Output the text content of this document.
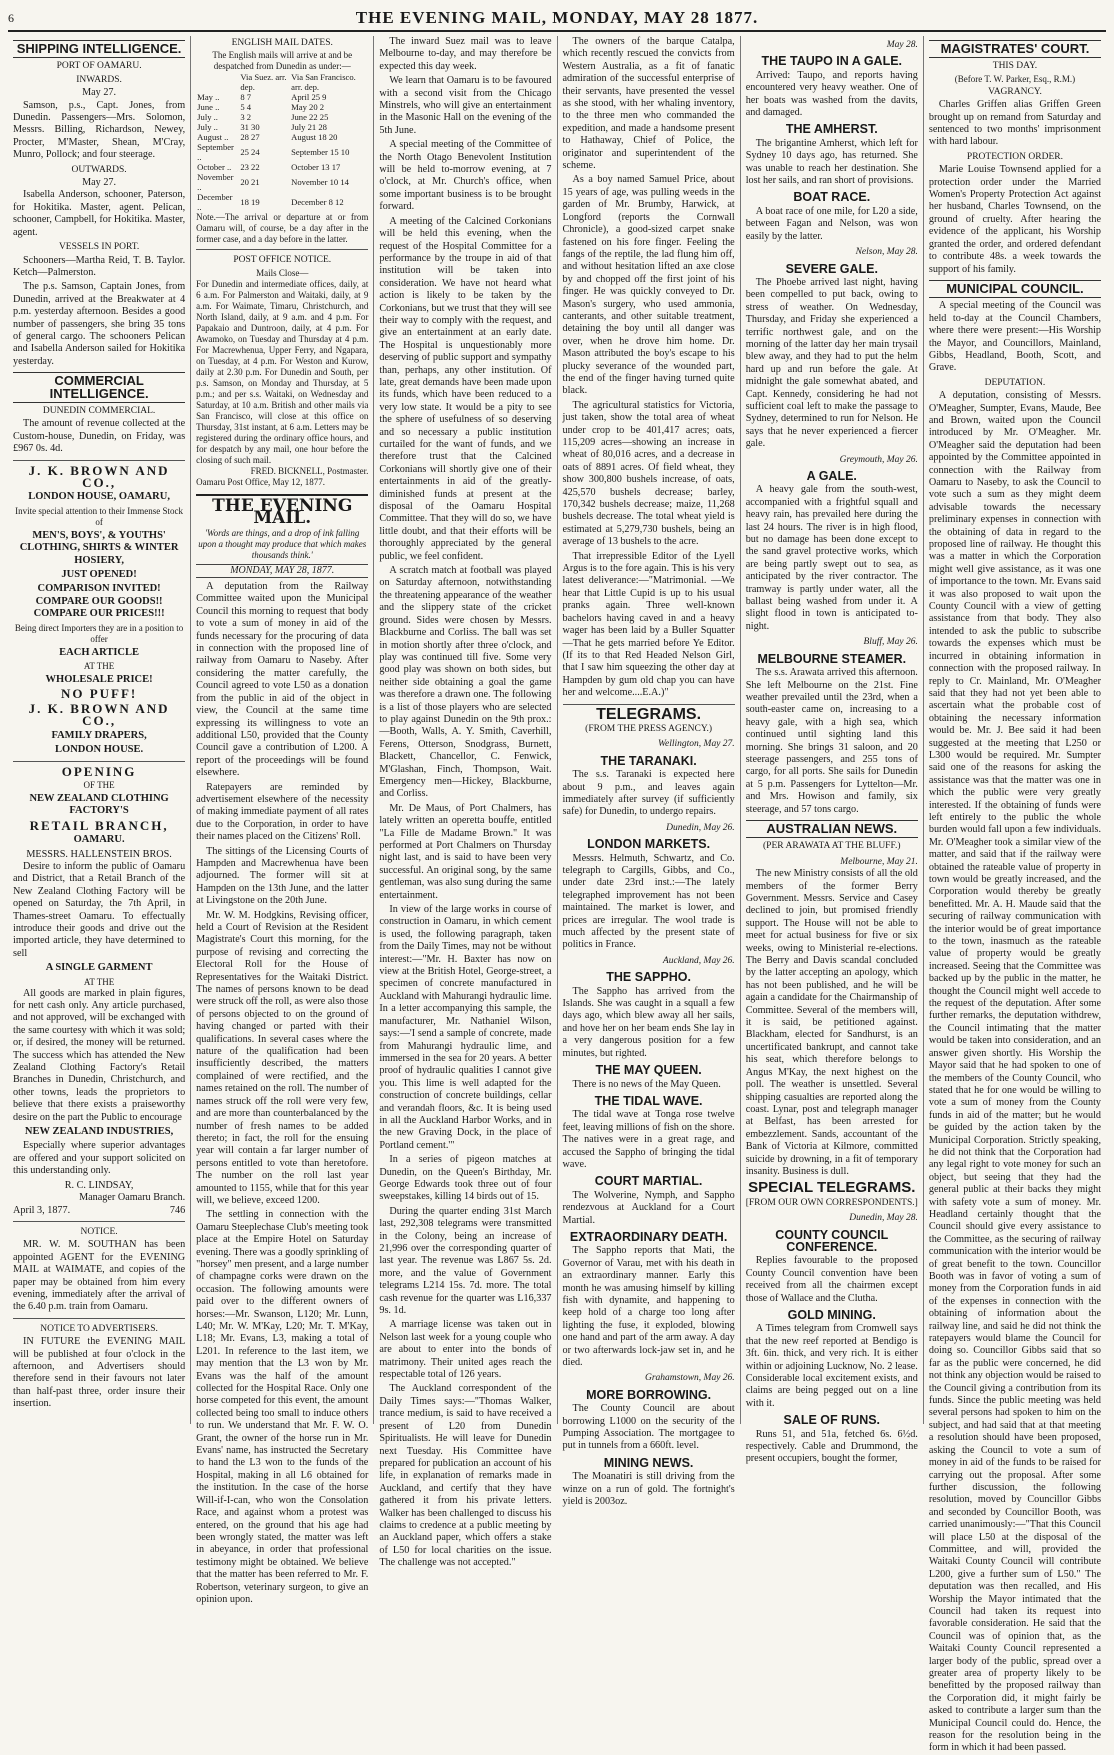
6	THE EVENING MAIL, MONDAY, MAY 28 1877.
SHIPPING INTELLIGENCE.
PORT OF OAMARU.
INWARDS.
May 27.

Samson, p.s., Capt. Jones, from Dunedin. Passengers—Mrs. Solomon, Messrs. Billing, Richardson, Newey, Procter, M'Master, Shean, M'Cray, Munro, Pollock; and four steerage.

OUTWARDS.
May 27.

Isabella Anderson, schooner, Paterson, for Hokitika. Master, agent. Pelican, schooner, Campbell, for Hokitika. Master, agent.

VESSELS IN PORT.

Schooners—Martha Reid, T. B. Taylor. Ketch—Palmerston.

The p.s. Samson, Captain Jones, from Dunedin, arrived at the Breakwater at 4 p.m. yesterday afternoon. Besides a good number of passengers, she bring 35 tons of general cargo. The schooners Pelican and Isabella Anderson sailed for Hokitika yesterday.

COMMERCIAL INTELLIGENCE.
DUNEDIN COMMERCIAL.

The amount of revenue collected at the Custom-house, Dunedin, on Friday, was £967 0s. 4d.

J. K. BROWN AND CO.,
LONDON HOUSE, OAMARU,
Invite special attention to their Immense Stock of
MEN'S, BOYS', & YOUTHS' CLOTHING, SHIRTS & WINTER HOSIERY,
JUST OPENED!
COMPARISON INVITED! COMPARE OUR GOODS!! COMPARE OUR PRICES!!!
Being direct Importers they are in a position to offer
EACH ARTICLE
AT THE
WHOLESALE PRICE!
NO PUFF!
J. K. BROWN AND CO.,
FAMILY DRAPERS,
LONDON HOUSE.
OPENING
OF THE
NEW ZEALAND CLOTHING FACTORY'S
RETAIL BRANCH,
OAMARU.
MESSRS. HALLENSTEIN BROS.

Desire to inform the public of Oamaru and District, that a Retail Branch of the New Zealand Clothing Factory will be opened on Saturday, the 7th April, in Thames-street Oamaru. To effectually introduce their goods and drive out the imported article, they have determined to sell

A SINGLE GARMENT
AT THE

All goods are marked in plain figures, for nett cash only. Any article purchased, and not approved, will be exchanged with the same courtesy with which it was sold; or, if desired, the money will be returned. The success which has attended the New Zealand Clothing Factory's Retail Branches in Dunedin, Christchurch, and other towns, leads the proprietors to believe that there exists a praiseworthy desire on the part the Public to encourage

NEW ZEALAND INDUSTRIES,

Especially where superior advantages are offered and your support solicited on this understanding only.

R. C. LINDSAY,
Manager Oamaru Branch.
April 3, 1877.	746
NOTICE.

MR. W. M. SOUTHAN has been appointed AGENT for the EVENING MAIL at WAIMATE, and copies of the paper may be obtained from him every evening, immediately after the arrival of the 6.40 p.m. train from Oamaru.

NOTICE TO ADVERTISERS.

IN FUTURE the EVENING MAIL will be published at four o'clock in the afternoon, and Advertisers should therefore send in their favours not later than half-past three, order insure their insertion.

ENGLISH MAIL DATES.
The English mails will arrive at and be despatched from Dunedin as under:—
	Via Suez. arr. dep.	Via San Francisco. arr. dep.
May ..	8 7	April 25 9
June ..	5 4	May 20 2
July ..	3 2	June 22 25
July ..	31 30	July 21 28
August ..	28 27	August 18 20
September ..	25 24	September 15 10
October ..	23 22	October 13 17
November ..	20 21	November 10 14
December ..	18 19	December 8 12
Note.—The arrival or departure at or from Oamaru will, of course, be a day after in the former case, and a day before in the latter.
POST OFFICE NOTICE.
Mails Close—
For Dunedin and intermediate offices, daily, at 6 a.m. For Palmerston and Waitaki, daily, at 9 a.m. For Waimate, Timaru, Christchurch, and North Island, daily, at 9 a.m. and 4 p.m. For Papakaio and Duntroon, daily, at 4 p.m. For Awamoko, on Tuesday and Thursday at 4 p.m. For Macrewhenua, Upper Ferry, and Ngapara, on Tuesday, at 4 p.m. For Weston and Kurow, daily at 2.30 p.m. For Dunedin and South, per p.s. Samson, on Monday and Thursday, at 5 p.m.; and per s.s. Waitaki, on Wednesday and Saturday, at 10 a.m. British and other mails via San Francisco, will close at this office on Thursday, 31st instant, at 6 a.m. Letters may be registered during the ordinary office hours, and for despatch by any mail, one hour before the closing of such mail.
FRED. BICKNELL, Postmaster.
Oamaru Post Office, May 12, 1877.
THE EVENING MAIL.
'Words are things, and a drop of ink falling upon a thought may produce that which makes thousands think.'
MONDAY, MAY 28, 1877.

A deputation from the Railway Committee waited upon the Municipal Council this morning to request that body to vote a sum of money in aid of the funds necessary for the procuring of data in connection with the proposed line of railway from Oamaru to Naseby. After considering the matter carefully, the Council agreed to vote L50 as a donation from the public in aid of the object in view, the Council at the same time expressing its willingness to vote an additional L50, provided that the County Council gave a contribution of L200. A report of the proceedings will be found elsewhere.

Ratepayers are reminded by advertisement elsewhere of the necessity of making immediate payment of all rates due to the Corporation, in order to have their names placed on the Citizens' Roll.

The sittings of the Licensing Courts of Hampden and Macrewhenua have been adjourned. The former will sit at Hampden on the 13th June, and the latter at Livingstone on the 20th June.

Mr. W. M. Hodgkins, Revising officer, held a Court of Revision at the Resident Magistrate's Court this morning, for the purpose of revising and correcting the Electoral Roll for the House of Representatives for the Waitaki District. The names of persons known to be dead were struck off the roll, as were also those of persons objected to on the ground of having changed or parted with their qualifications. In several cases where the nature of the qualification had been insufficiently described, the matters complained of were rectified, and the names retained on the roll. The number of names struck off the roll were very few, and are more than counterbalanced by the number of fresh names to be added thereto; in fact, the roll for the ensuing year will contain a far larger number of persons entitled to vote than heretofore. The number on the roll last year amounted to 1155, while that for this year will, we believe, exceed 1200.

The settling in connection with the Oamaru Steeplechase Club's meeting took place at the Empire Hotel on Saturday evening. There was a goodly sprinkling of "horsey" men present, and a large number of champagne corks were drawn on the occasion. The following amounts were paid over to the different owners of horses:—Mr. Swanson, L120; Mr. Lunn, L40; Mr. W. M'Kay, L20; Mr. T. M'Kay, L18; Mr. Evans, L3, making a total of L201. In reference to the last item, we may mention that the L3 won by Mr. Evans was the half of the amount collected for the Hospital Race. Only one horse competed for this event, the amount collected being too small to induce others to run. We understand that Mr. F. W. O. Grant, the owner of the horse run in Mr. Evans' name, has instructed the Secretary to hand the L3 won to the funds of the Hospital, making in all L6 obtained for the institution. In the case of the horse Will-if-I-can, who won the Consolation Race, and against whom a protest was entered, on the ground that his age had been wrongly stated, the matter was left in abeyance, in order that professional testimony might be obtained. We believe that the matter has been referred to Mr. F. Robertson, veterinary surgeon, to give an opinion upon.

The inward Suez mail was to leave Melbourne to-day, and may therefore be expected this day week.

We learn that Oamaru is to be favoured with a second visit from the Chicago Minstrels, who will give an entertainment in the Masonic Hall on the evening of the 5th June.

A special meeting of the Committee of the North Otago Benevolent Institution will be held to-morrow evening, at 7 o'clock, at Mr. Church's office, when some important business is to be brought forward.

A meeting of the Calcined Corkonians will be held this evening, when the request of the Hospital Committee for a performance by the troupe in aid of that institution will be taken into consideration. We have not heard what action is likely to be taken by the Corkonians, but we trust that they will see their way to comply with the request, and give an entertainment at an early date. The Hospital is unquestionably more deserving of public support and sympathy than, perhaps, any other institution. Of late, great demands have been made upon its funds, which have been reduced to a very low state. It would be a pity to see the sphere of usefulness of so deserving and so necessary a public institution curtailed for the want of funds, and we therefore trust that the Calcined Corkonians will shortly give one of their entertainments in aid of the greatly-diminished funds at present at the disposal of the Oamaru Hospital Committee. That they will do so, we have little doubt, and that their efforts will be thoroughly appreciated by the general public, we feel confident.

A scratch match at football was played on Saturday afternoon, notwithstanding the threatening appearance of the weather and the slippery state of the cricket ground. Sides were chosen by Messrs. Blackburne and Corliss. The ball was set in motion shortly after three o'clock, and play was continued till five. Some very good play was shown on both sides, but neither side obtaining a goal the game was therefore a drawn one. The following is a list of those players who are selected to play against Dunedin on the 9th prox.:—Booth, Walls, A. Y. Smith, Caverhill, Ferens, Otterson, Snodgrass, Burnett, Blackett, Chancellor, C. Fenwick, M'Glashan, Finch, Thompson, Wait. Emergency men—Hickey, Blackburne, and Corliss.

Mr. De Maus, of Port Chalmers, has lately written an operetta bouffe, entitled "La Fille de Madame Brown." It was performed at Port Chalmers on Thursday night last, and is said to have been very successful. An original song, by the same gentleman, was also sung during the same entertainment.

In view of the large works in course of construction in Oamaru, in which cement is used, the following paragraph, taken from the Daily Times, may not be without interest:—"Mr. H. Baxter has now on view at the British Hotel, George-street, a specimen of concrete manufactured in Auckland with Mahurangi hydraulic lime. In a letter accompanying this sample, the manufacturer, Mr. Nathaniel Wilson, says:—'I send a sample of concrete, made from Mahurangi hydraulic lime, and immersed in the sea for 20 years. A better proof of hydraulic qualities I cannot give you. This lime is well adapted for the construction of concrete buildings, cellar and verandah floors, &c. It is being used in all the Auckland Harbor Works, and in the new Graving Dock, in the place of Portland cement.'"

In a series of pigeon matches at Dunedin, on the Queen's Birthday, Mr. George Edwards took three out of four sweepstakes, killing 14 birds out of 15.

During the quarter ending 31st March last, 292,308 telegrams were transmitted in the Colony, being an increase of 21,996 over the corresponding quarter of last year. The revenue was L867 5s. 2d. more, and the value of Government telegrams L214 15s. 7d. more. The total cash revenue for the quarter was L16,337 9s. 1d.

A marriage license was taken out in Nelson last week for a young couple who are about to enter into the bonds of matrimony. Their united ages reach the respectable total of 126 years.

The Auckland correspondent of the Daily Times says:—"Thomas Walker, trance medium, is said to have received a present of L20 from Dunedin Spiritualists. He will leave for Dunedin next Tuesday. His Committee have prepared for publication an account of his life, in explanation of remarks made in Auckland, and certify that they have gathered it from his private letters. Walker has been challenged to discuss his claims to credence at a public meeting by an Auckland paper, which offers a stake of L50 for local charities on the issue. The challenge was not accepted."

The owners of the barque Catalpa, which recently rescued the convicts from Western Australia, as a fit of fanatic admiration of the successful enterprise of their servants, have presented the vessel as she stood, with her whaling inventory, to the three men who commanded the expedition, and made a handsome present to Hathaway, Chief of Police, the originator and superintendent of the scheme.

As a boy named Samuel Price, about 15 years of age, was pulling weeds in the garden of Mr. Brumby, Harwick, at Longford (reports the Cornwall Chronicle), a good-sized carpet snake fastened on his fore finger. Feeling the fangs of the reptile, the lad flung him off, and without hesitation lifted an axe close by and chopped off the first joint of his finger. He was quickly conveyed to Dr. Mason's surgery, who used ammonia, canterants, and other suitable treatment, detaining the boy until all danger was over, when he drove him home. Dr. Mason attributed the boy's escape to his plucky severance of the wounded part, the end of the finger having turned quite black.

The agricultural statistics for Victoria, just taken, show the total area of wheat under crop to be 401,417 acres; oats, 115,209 acres—showing an increase in wheat of 80,016 acres, and a decrease in oats of 8891 acres. Of field wheat, they show 300,800 bushels increase, of oats, 425,570 bushels decrease; barley, 170,342 bushels decrease; maize, 11,268 bushels decrease. The total wheat yield is estimated at 5,279,730 bushels, being an average of 13 bushels to the acre.

That irrepressible Editor of the Lyell Argus is to the fore again. This is his very latest deliverance:—"Matrimonial. —We hear that Little Cupid is up to his usual pranks again. Three well-known bachelors having caved in and a heavy wager has been laid by a Buller Squatter—That he gets married before Ye Editor. (If its to that Red Headed Nelson Girl, that I saw him squeezing the other day at Hampden by gum old chap you can have her and welcome....E.A.)"

TELEGRAMS.
(FROM THE PRESS AGENCY.)
Wellington, May 27.
THE TARANAKI.

The s.s. Taranaki is expected here about 9 p.m., and leaves again immediately after survey (if sufficiently safe) for Dunedin, to undergo repairs.

Dunedin, May 26.
LONDON MARKETS.

Messrs. Helmuth, Schwartz, and Co. telegraph to Cargills, Gibbs, and Co., under date 23rd inst.:—The lately telegraphed improvement has not been maintained. The market is lower, and prices are irregular. The wool trade is much affected by the present state of politics in France.

Auckland, May 26.
THE SAPPHO.

The Sappho has arrived from the Islands. She was caught in a squall a few days ago, which blew away all her sails, and hove her on her beam ends She lay in a very dangerous position for a few minutes, but righted.

THE MAY QUEEN.

There is no news of the May Queen.

THE TIDAL WAVE.

The tidal wave at Tonga rose twelve feet, leaving millions of fish on the shore. The natives were in a great rage, and accused the Sappho of bringing the tidal wave.

COURT MARTIAL.

The Wolverine, Nymph, and Sappho rendezvous at Auckland for a Court Martial.

EXTRAORDINARY DEATH.

The Sappho reports that Mati, the Governor of Varau, met with his death in an extraordinary manner. Early this month he was amusing himself by killing fish with dynamite, and happening to keep hold of a charge too long after lighting the fuse, it exploded, blowing one hand and part of the arm away. A day or two afterwards lock-jaw set in, and he died.

Grahamstown, May 26.
MORE BORROWING.

The County Council are about borrowing L1000 on the security of the Pumping Association. The mortgagee to put in tunnels from a 660ft. level.

MINING NEWS.

The Moanatiri is still driving from the winze on a run of gold. The fortnight's yield is 2003oz.

May 28.
THE TAUPO IN A GALE.

Arrived: Taupo, and reports having encountered very heavy weather. One of her boats was washed from the davits, and damaged.

THE AMHERST.

The brigantine Amherst, which left for Sydney 10 days ago, has returned. She was unable to reach her destination. She lost her sails, and ran short of provisions.

BOAT RACE.

A boat race of one mile, for L20 a side, between Fagan and Nelson, was won easily by the latter.

Nelson, May 28.
SEVERE GALE.

The Phoebe arrived last night, having been compelled to put back, owing to stress of weather. On Wednesday, Thursday, and Friday she experienced a terrific northwest gale, and on the morning of the latter day her main trysail blew away, and they had to put the helm hard up and run before the gale. At midnight the gale somewhat abated, and Capt. Kennedy, considering he had not sufficient coal left to make the passage to Sydney, determined to run for Nelson. He says that he never experienced a fiercer gale.

Greymouth, May 26.
A GALE.

A heavy gale from the south-west, accompanied with a frightful squall and heavy rain, has prevailed here during the last 24 hours. The river is in high flood, but no damage has been done except to the sand gravel protective works, which are being partly swept out to sea, as anticipated by the river contractor. The tramway is partly under water, all the ballast being washed from under it. A slight flood in town is anticipated to-night.

Bluff, May 26.
MELBOURNE STEAMER.

The s.s. Arawata arrived this afternoon. She left Melbourne on the 21st. Fine weather prevailed until the 23rd, when a south-easter came on, increasing to a heavy gale, with a high sea, which continued until sighting land this morning. She brings 31 saloon, and 20 steerage passengers, and 255 tons of cargo, for all ports. She sails for Dunedin at 5 p.m. Passengers for Lyttelton—Mr. and Mrs. Howison and family, six steerage, and 57 tons cargo.

AUSTRALIAN NEWS.
(PER ARAWATA AT THE BLUFF.)
Melbourne, May 21.

The new Ministry consists of all the old members of the former Berry Government. Messrs. Service and Casey declined to join, but promised friendly support. The House will not be able to meet for actual business for five or six weeks, owing to Ministerial re-elections. The Berry and Davis scandal concluded by the latter accepting an apology, which has not been published, and he will be again a candidate for the Chairmanship of Committee. Several of the members will, it is said, be petitioned against. Blackham, elected for Sandhurst, is an uncertificated bankrupt, and cannot take his seat, which therefore belongs to Angus M'Kay, the next highest on the poll. The weather is unsettled. Several shipping casualties are reported along the coast. Lynar, post and telegraph manager at Belfast, has been arrested for embezzlement. Sands, accountant of the Bank of Victoria at Kilmore, committed suicide by drowning, in a fit of temporary insanity. Business is dull.

SPECIAL TELEGRAMS.
[FROM OUR OWN CORRESPONDENTS.]
Dunedin, May 28.
COUNTY COUNCIL CONFERENCE.

Replies favourable to the proposed County Council convention have been received from all the chairmen except those of Wallace and the Clutha.

GOLD MINING.

A Times telegram from Cromwell says that the new reef reported at Bendigo is 3ft. 6in. thick, and very rich. It is either within or adjoining Lucknow, No. 2 lease. Considerable local excitement exists, and claims are being pegged out on a line with it.

SALE OF RUNS.

Runs 51, and 51a, fetched 6s. 6½d. respectively. Cable and Drummond, the present occupiers, bought the former,

MAGISTRATES' COURT.
THIS DAY.
(Before T. W. Parker, Esq., R.M.)
VAGRANCY.

Charles Griffen alias Griffen Green brought up on remand from Saturday and sentenced to two months' imprisonment with hard labour.

PROTECTION ORDER.

Marie Louise Townsend applied for a protection order under the Married Women's Property Protection Act against her husband, Charles Townsend, on the ground of cruelty. After hearing the evidence of the applicant, his Worship granted the order, and ordered defendant to contribute 48s. a week towards the support of his family.

MUNICIPAL COUNCIL.

A special meeting of the Council was held to-day at the Council Chambers, where there were present:—His Worship the Mayor, and Councillors, Mainland, Gibbs, Headland, Booth, Scott, and Grave.

DEPUTATION.

A deputation, consisting of Messrs. O'Meagher, Sumpter, Evans, Maude, Bee and Brown, waited upon the Council introduced by Mr. O'Meagher. Mr. O'Meagher said the deputation had been appointed by the Committee appointed in connection with the Railway from Oamaru to Naseby, to ask the Council to vote such a sum as they might deem advisable towards the necessary preliminary expenses in connection with the obtaining of data in regard to the proposed line of railway. He thought this was a matter in which the Corporation might well give assistance, as it was one of importance to the town. Mr. Evans said it was also proposed to wait upon the County Council with a view of getting assistance from that body. They also intended to ask the public to subscribe towards the expenses which must be incurred in obtaining information in connection with the proposed railway. In reply to Cr. Mainland, Mr. O'Meagher said that they had not yet been able to ascertain what the probable cost of obtaining the necessary information would be. Mr. J. Bee said it had been suggested at the meeting that L250 or L300 would be required. Mr. Sumpter said one of the reasons for asking the assistance was that the matter was one in which the public were very greatly interested. If the obtaining of funds were left entirely to the public the whole burden would fall upon a few individuals. Mr. O'Meagher took a similar view of the matter, and said that if the railway were obtained the rateable value of property in town would be greatly increased, and the Corporation would thereby be greatly benefitted. Mr. A. H. Maude said that the securing of railway communication with the interior would be of great importance to the town, inasmuch as the rateable value of property would be greatly increased. Seeing that the Committee was backed up by the public in the matter, he thought the Council might well accede to the request of the deputation. After some further remarks, the deputation withdrew, the Council intimating that the matter would be taken into consideration, and an answer given shortly. His Worship the Mayor said that he had spoken to one of the members of the County Council, who stated that he for one would be willing to vote a sum of money from the County funds in aid of the matter; but he would be guided by the action taken by the Municipal Corporation. Strictly speaking, he did not think that the Corporation had any legal right to vote money for such an object, but seeing that they had the general public at their backs they might with safety vote a sum of money. Mr. Headland certainly thought that the Council should give every assistance to the Committee, as the securing of railway communication with the interior would be of great benefit to the town. Councillor Booth was in favor of voting a sum of money from the Corporation funds in aid of the expenses in connection with the obtaining of information about the railway line, and said he did not think the ratepayers would blame the Council for doing so. Councillor Gibbs said that so far as the public were concerned, he did not think any objection would be raised to the Council giving a contribution from its funds. Since the public meeting was held several persons had spoken to him on the subject, and had said that at that meeting a resolution should have been proposed, asking the Council to vote a sum of money in aid of the funds to be raised for carrying out the proposal. After some further discussion, the following resolution, moved by Councillor Gibbs and seconded by Councillor Booth, was carried unanimously:—"That this Council will place L50 at the disposal of the Committee, and will, provided the Waitaki County Council will contribute L200, give a further sum of L50." The deputation was then recalled, and His Worship the Mayor intimated that the Council had taken its request into favorable consideration. He said that the Council was of opinion that, as the Waitaki County Council represented a larger body of the public, spread over a greater area of property likely to be benefitted by the proposed railway than the Corporation did, it might fairly be asked to contribute a larger sum than the Municipal Council could do. Hence, the reason for the resolution being in the form in which it had been passed.
